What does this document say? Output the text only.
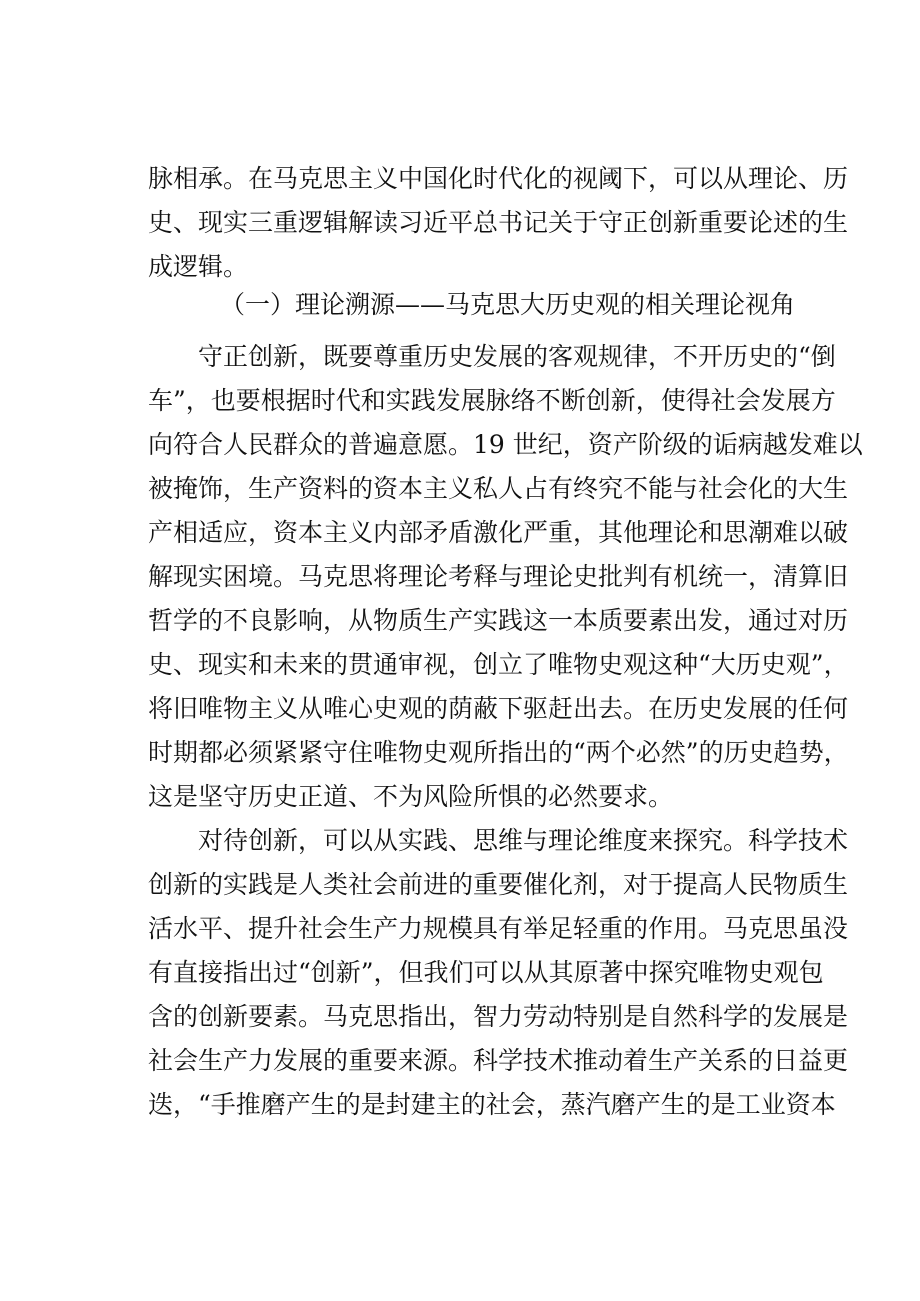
脉相承。在马克思主义中国化时代化的视阈下，可以从理论、历
史、现实三重逻辑解读习近平总书记关于守正创新重要论述的生
成逻辑。
（一）理论溯源——马克思大历史观的相关理论视角
守正创新，既要尊重历史发展的客观规律，不开历史的“倒
车”，也要根据时代和实践发展脉络不断创新，使得社会发展方
向符合人民群众的普遍意愿。19 世纪，资产阶级的诟病越发难以
被掩饰，生产资料的资本主义私人占有终究不能与社会化的大生
产相适应，资本主义内部矛盾激化严重，其他理论和思潮难以破
解现实困境。马克思将理论考释与理论史批判有机统一，清算旧
哲学的不良影响，从物质生产实践这一本质要素出发，通过对历
史、现实和未来的贯通审视，创立了唯物史观这种“大历史观”，
将旧唯物主义从唯心史观的荫蔽下驱赶出去。在历史发展的任何
时期都必须紧紧守住唯物史观所指出的“两个必然”的历史趋势，
这是坚守历史正道、不为风险所惧的必然要求。
对待创新，可以从实践、思维与理论维度来探究。科学技术
创新的实践是人类社会前进的重要催化剂，对于提高人民物质生
活水平、提升社会生产力规模具有举足轻重的作用。马克思虽没
有直接指出过“创新”，但我们可以从其原著中探究唯物史观包
含的创新要素。马克思指出，智力劳动特别是自然科学的发展是
社会生产力发展的重要来源。科学技术推动着生产关系的日益更
迭，“手推磨产生的是封建主的社会，蒸汽磨产生的是工业资本
